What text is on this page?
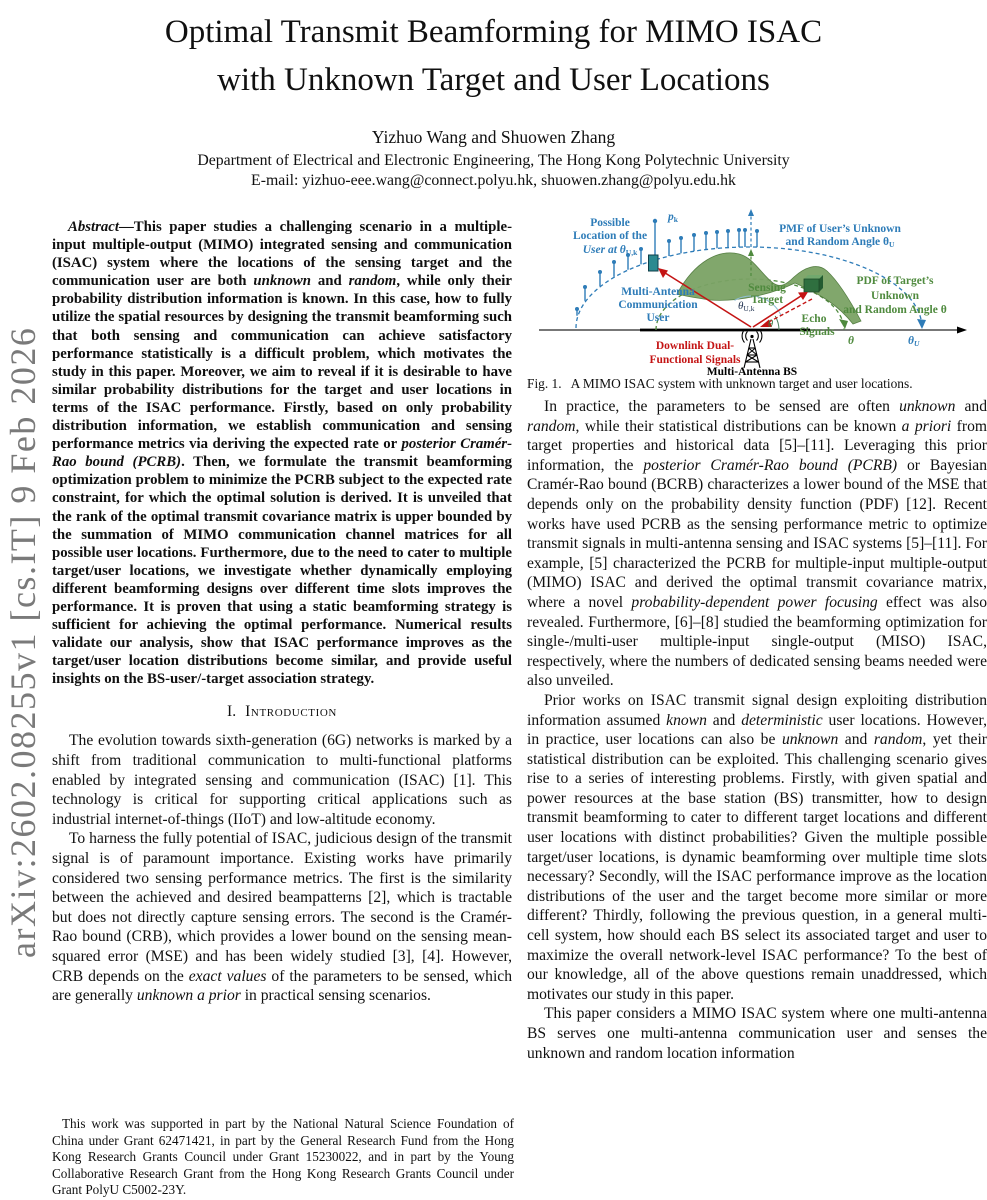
arXiv:2602.08255v1 [cs.IT] 9 Feb 2026
Optimal Transmit Beamforming for MIMO ISAC
with Unknown Target and User Locations
Yizhuo Wang and Shuowen Zhang
Department of Electrical and Electronic Engineering, The Hong Kong Polytechnic University
E-mail: yizhuo-eee.wang@connect.polyu.hk, shuowen.zhang@polyu.edu.hk

Abstract—This paper studies a challenging scenario in a multiple-input multiple-output (MIMO) integrated sensing and communication (ISAC) system where the locations of the sensing target and the communication user are both unknown and random, while only their probability distribution information is known. In this case, how to fully utilize the spatial resources by designing the transmit beamforming such that both sensing and communication can achieve satisfactory performance statistically is a difficult problem, which motivates the study in this paper. Moreover, we aim to reveal if it is desirable to have similar probability distributions for the target and user locations in terms of the ISAC performance. Firstly, based on only probability distribution information, we establish communication and sensing performance metrics via deriving the expected rate or posterior Cramér-Rao bound (PCRB). Then, we formulate the transmit beamforming optimization problem to minimize the PCRB subject to the expected rate constraint, for which the optimal solution is derived. It is unveiled that the rank of the optimal transmit covariance matrix is upper bounded by the summation of MIMO communication channel matrices for all possible user locations. Furthermore, due to the need to cater to multiple target/user locations, we investigate whether dynamically employing different beamforming designs over different time slots improves the performance. It is proven that using a static beamforming strategy is sufficient for achieving the optimal performance. Numerical results validate our analysis, show that ISAC performance improves as the target/user location distributions become similar, and provide useful insights on the BS-user/-target association strategy.

I. Introduction

The evolution towards sixth-generation (6G) networks is marked by a shift from traditional communication to multi-functional platforms enabled by integrated sensing and communication (ISAC) [1]. This technology is critical for supporting critical applications such as industrial internet-of-things (IIoT) and low-altitude economy.

To harness the fully potential of ISAC, judicious design of the transmit signal is of paramount importance. Existing works have primarily considered two sensing performance metrics. The first is the similarity between the achieved and desired beampatterns [2], which is tractable but does not directly capture sensing errors. The second is the Cramér-Rao bound (CRB), which provides a lower bound on the sensing mean-squared error (MSE) and has been widely studied [3], [4]. However, CRB depends on the exact values of the parameters to be sensed, which are generally unknown a prior in practical sensing scenarios.

This work was supported in part by the National Natural Science Foundation of China under Grant 62471421, in part by the General Research Fund from the Hong Kong Research Grants Council under Grant 15230022, and in part by the Young Collaborative Research Grant from the Hong Kong Research Grants Council under Grant PolyU C5002-23Y.
Possible
Location of the
User at θU,k
pk
PMF of User’s Unknown
and Random Angle θU
Multi-Antenna
Communication
User
Sensing
Target
PDF of Target’s
Unknown
and Random Angle θ
Echo
Signals
θU,k
θ
Downlink Dual-
Functional Signals
Multi-Antenna BS
θ	θU
Fig. 1. A MIMO ISAC system with unknown target and user locations.

In practice, the parameters to be sensed are often unknown and random, while their statistical distributions can be known a priori from target properties and historical data [5]–[11]. Leveraging this prior information, the posterior Cramér-Rao bound (PCRB) or Bayesian Cramér-Rao bound (BCRB) characterizes a lower bound of the MSE that depends only on the probability density function (PDF) [12]. Recent works have used PCRB as the sensing performance metric to optimize transmit signals in multi-antenna sensing and ISAC systems [5]–[11]. For example, [5] characterized the PCRB for multiple-input multiple-output (MIMO) ISAC and derived the optimal transmit covariance matrix, where a novel probability-dependent power focusing effect was also revealed. Furthermore, [6]–[8] studied the beamforming optimization for single-/multi-user multiple-input single-output (MISO) ISAC, respectively, where the numbers of dedicated sensing beams needed were also unveiled.

Prior works on ISAC transmit signal design exploiting distribution information assumed known and deterministic user locations. However, in practice, user locations can also be unknown and random, yet their statistical distribution can be exploited. This challenging scenario gives rise to a series of interesting problems. Firstly, with given spatial and power resources at the base station (BS) transmitter, how to design transmit beamforming to cater to different target locations and different user locations with distinct probabilities? Given the multiple possible target/user locations, is dynamic beamforming over multiple time slots necessary? Secondly, will the ISAC performance improve as the location distributions of the user and the target become more similar or more different? Thirdly, following the previous question, in a general multi-cell system, how should each BS select its associated target and user to maximize the overall network-level ISAC performance? To the best of our knowledge, all of the above questions remain unaddressed, which motivates our study in this paper.

This paper considers a MIMO ISAC system where one multi-antenna BS serves one multi-antenna communication user and senses the unknown and random location information
